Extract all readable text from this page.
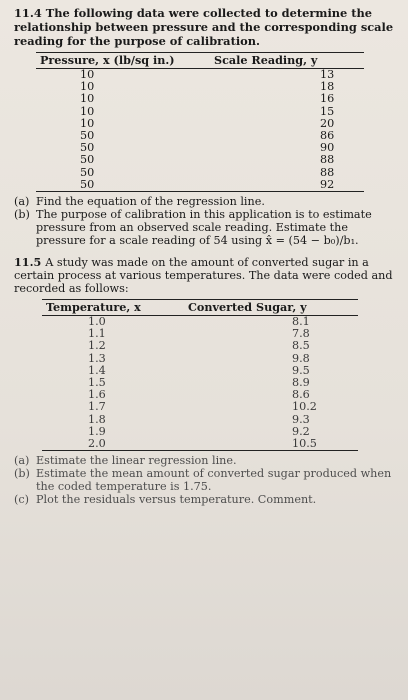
11.4 The following data were collected to determine the relationship between pressure and the corresponding scale reading for the purpose of calibration.
Pressure, x (lb/sq in.)	Scale Reading, y
10	13
10	18
10	16
10	15
10	20
50	86
50	90
50	88
50	88
50	92
(a) Find the equation of the regression line.
(b) The purpose of calibration in this application is to estimate pressure from an observed scale reading. Estimate the pressure for a scale reading of 54 using x̂ = (54 − b₀)/b₁.
11.5 A study was made on the amount of converted sugar in a certain process at various temperatures. The data were coded and recorded as follows:
Temperature, x	Converted Sugar, y
1.0	8.1
1.1	7.8
1.2	8.5
1.3	9.8
1.4	9.5
1.5	8.9
1.6	8.6
1.7	10.2
1.8	9.3
1.9	9.2
2.0	10.5
(a) Estimate the linear regression line.
(b) Estimate the mean amount of converted sugar produced when the coded temperature is 1.75.
(c) Plot the residuals versus temperature. Comment.
